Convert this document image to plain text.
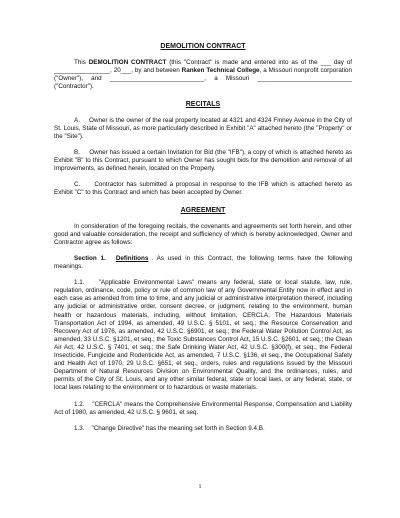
DEMOLITION CONTRACT

This DEMOLITION CONTRACT (this "Contract" is made and entered into as of the ___ day of ________________, 20___, by and between Ranken Technical College, a Missouri nonprofit corporation ("Owner"), and ___________________________, a Missouri ___________________________ ("Contractor").

RECITALS

A. Owner is the owner of the real property located at 4321 and 4324 Finney Avenue in the City of St. Louis, State of Missouri, as more particularly described in Exhibit "A" attached hereto (the "Property" or the "Site").

B. Owner has issued a certain Invitation for Bid (the "IFB"), a copy of which is attached hereto as Exhibit "B" to this Contract, pursuant to which Owner has sought bids for the demolition and removal of all Improvements, as defined herein, located on the Property.

C. Contractor has submitted a proposal in response to the IFB which is attached hereto as Exhibit "C" to this Contract and which has been accepted by Owner.

AGREEMENT

In consideration of the foregoing recitals, the covenants and agreements set forth herein, and other good and valuable consideration, the receipt and sufficiency of which is hereby acknowledged, Owner and Contractor agree as follows:

Section 1. Definitions . As used in this Contract, the following terms have the following meanings.

1.1. "Applicable Environmental Laws" means any federal, state or local statute, law, rule, regulation, ordinance, code, policy or rule of common law of any Governmental Entity now in effect and in each case as amended from time to time, and any judicial or administrative interpretation thereof, including any judicial or administrative order, consent decree, or judgment, relating to the environment, human health or hazardous materials, including, without limitation, CERCLA; The Hazardous Materials Transportation Act of 1994, as amended, 49 U.S.C. § 5101, et seq.; the Resource Conservation and Recovery Act of 1976, as amended, 42 U.S.C. §6901, et seq.; the Federal Water Pollution Control Act, as amended, 33 U.S.C. §1201, et seq.; the Toxic Substances Control Act, 15 U.S.C. §2601, et seq.; the Clean Air Act, 42 U.S.C. § 7401, et seq.; the Safe Drinking Water Act, 42 U.S.C. §300(f), et seq., the Federal Insecticide, Fungicide and Rodenticide Act, as amended, 7 U.S.C. §136, et seq., the Occupational Safety and Health Act of 1970, 29 U.S.C. §651, et seq., orders, rules and regulations issued by the Missouri Department of Natural Resources Division on Environmental Quality, and the ordinances, rules, and permits of the City of St. Louis, and any other similar federal, state or local laws, or any federal, state, or local laws relating to the environment or to hazardous or waste materials.

1.2. "CERCLA" means the Comprehensive Environmental Response, Compensation and Liability Act of 1980, as amended, 42 U.S.C. § 9601, et seq.

1.3. "Change Directive" has the meaning set forth in Section 9.4.B.

1
